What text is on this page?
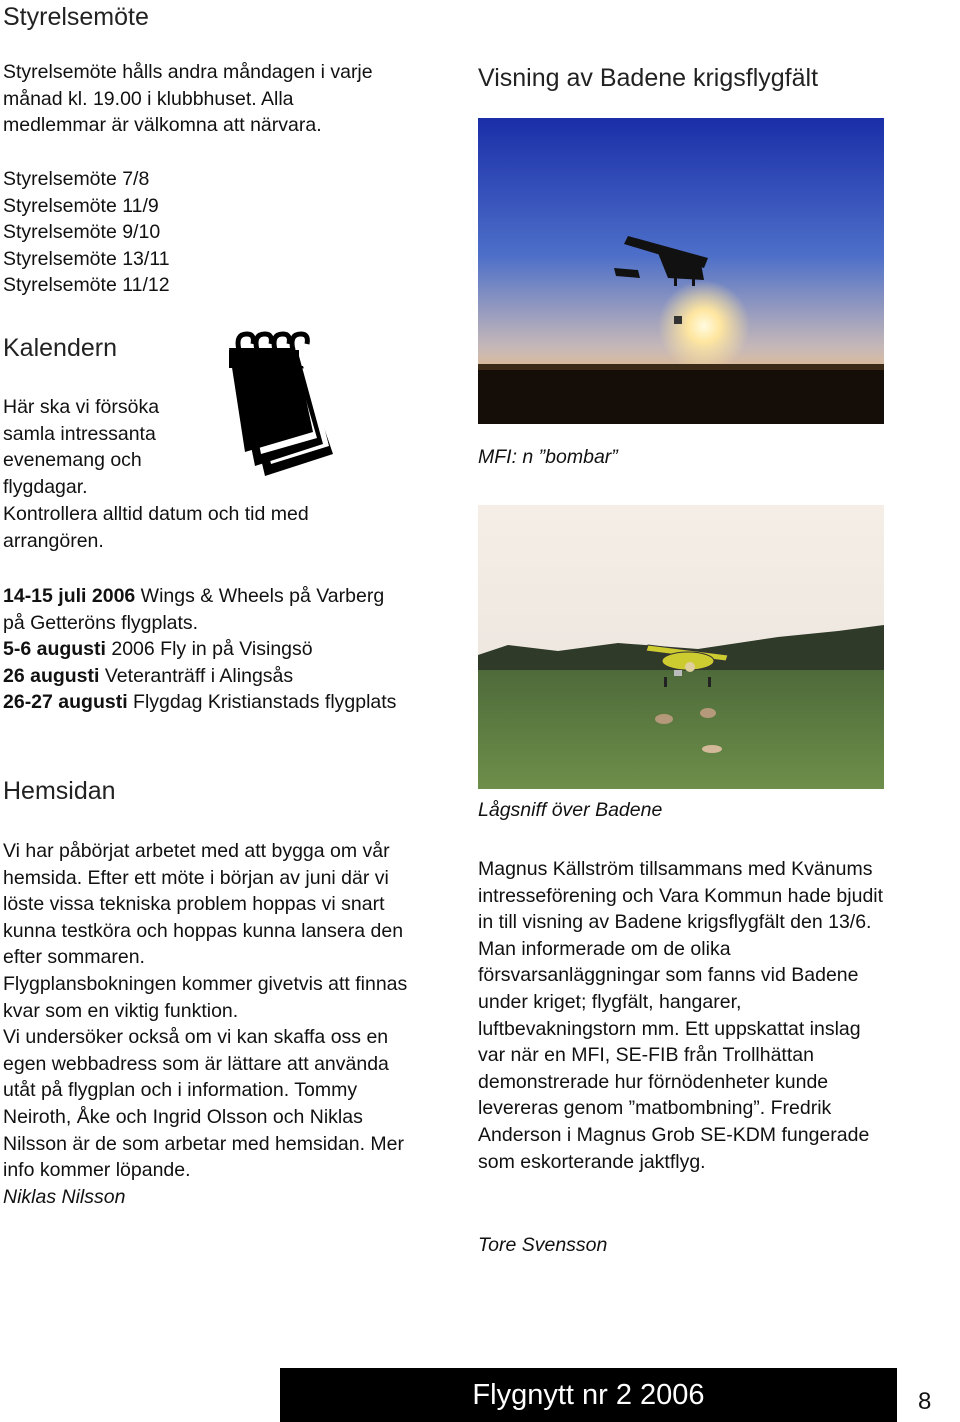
Styrelsemöte

Styrelsemöte hålls andra måndagen i varje månad kl. 19.00 i klubbhuset. Alla medlemmar är välkomna att närvara.

Styrelsemöte 7/8

Styrelsemöte 11/9

Styrelsemöte 9/10

Styrelsemöte 13/11

Styrelsemöte 11/12

Kalendern

Här ska vi försöka samla intressanta evenemang och flygdagar.

Kontrollera alltid datum och tid med arrangören.

14-15 juli 2006 Wings & Wheels på Varberg på Getteröns flygplats.

5-6 augusti 2006 Fly in på Visingsö

26 augusti Veteranträff i Alingsås

26-27 augusti Flygdag Kristianstads flygplats

Hemsidan

Vi har påbörjat arbetet med att bygga om vår hemsida. Efter ett möte i början av juni där vi löste vissa tekniska problem hoppas vi snart kunna testköra och hoppas kunna lansera den efter sommaren.

Flygplansbokningen kommer givetvis att finnas kvar som en viktig funktion.

Vi undersöker också om vi kan skaffa oss en egen webbadress som är lättare att använda utåt på flygplan och i information. Tommy Neiroth, Åke och Ingrid Olsson och Niklas Nilsson är de som arbetar med hemsidan. Mer info kommer löpande.

Niklas Nilsson

Visning av Badene krigsflygfält

MFI: n ”bombar”

Lågsniff över Badene

Magnus Källström tillsammans med Kvänums intresseförening och Vara Kommun hade bjudit in till visning av Badene krigsflygfält den 13/6. Man informerade om de olika försvarsanläggningar som fanns vid Badene under kriget; flygfält, hangarer, luftbevakningstorn mm. Ett uppskattat inslag var när en MFI, SE-FIB från Trollhättan demonstrerade hur förnödenheter kunde levereras genom ”matbombning”. Fredrik Anderson i Magnus Grob SE-KDM fungerade som eskorterande jaktflyg.

Tore Svensson

Flygnytt nr 2 2006	8
